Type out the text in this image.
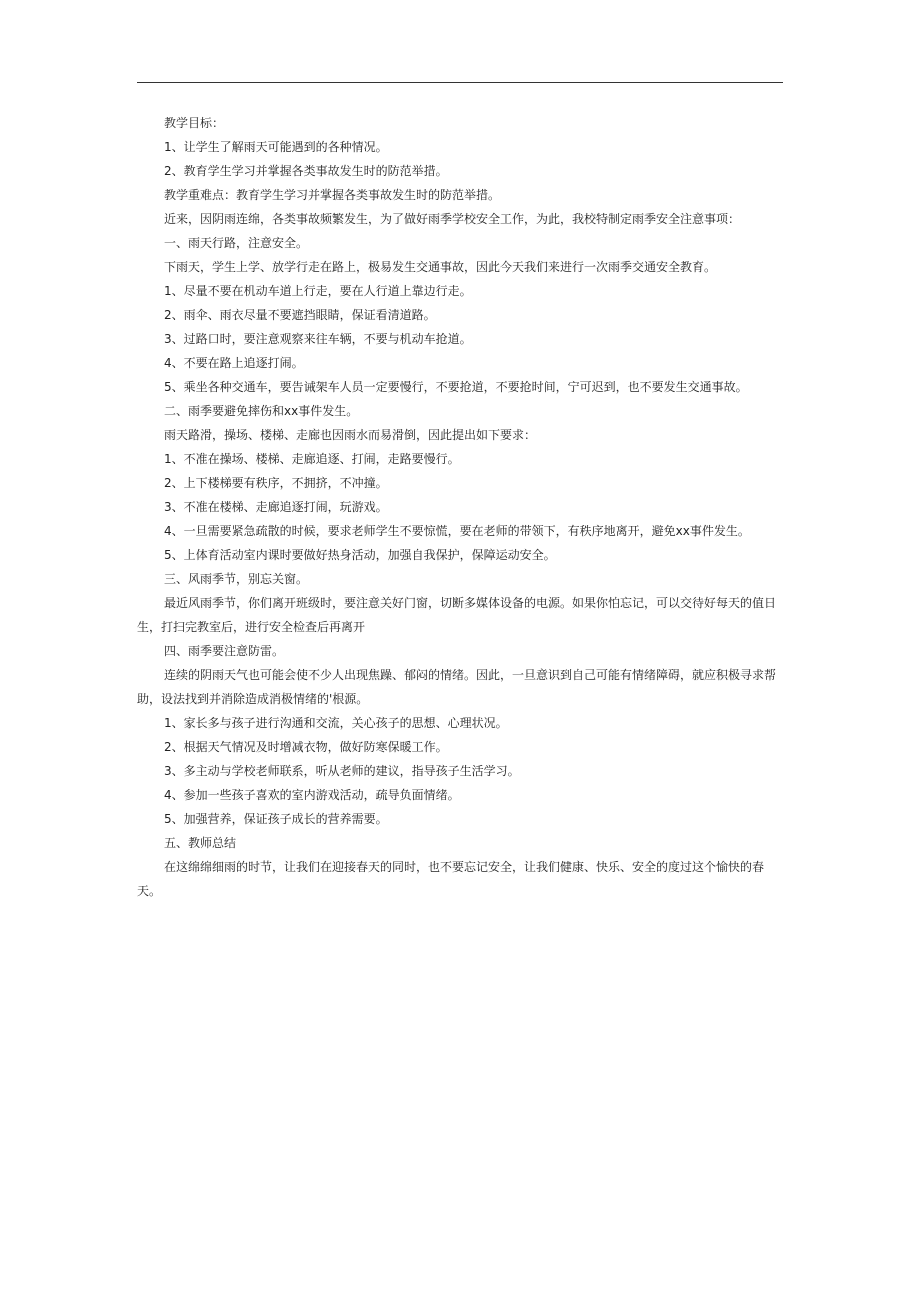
教学目标：

1、让学生了解雨天可能遇到的各种情况。

2、教育学生学习并掌握各类事故发生时的防范举措。

教学重难点：教育学生学习并掌握各类事故发生时的防范举措。

近来，因阴雨连绵，各类事故频繁发生，为了做好雨季学校安全工作，为此，我校特制定雨季安全注意事项：

一、雨天行路，注意安全。

下雨天，学生上学、放学行走在路上，极易发生交通事故，因此今天我们来进行一次雨季交通安全教育。

1、尽量不要在机动车道上行走，要在人行道上靠边行走。

2、雨伞、雨衣尽量不要遮挡眼睛，保证看清道路。

3、过路口时，要注意观察来往车辆，不要与机动车抢道。

4、不要在路上追逐打闹。

5、乘坐各种交通车，要告诫架车人员一定要慢行，不要抢道，不要抢时间，宁可迟到，也不要发生交通事故。

二、雨季要避免摔伤和xx事件发生。

雨天路滑，操场、楼梯、走廊也因雨水而易滑倒，因此提出如下要求：

1、不准在操场、楼梯、走廊追逐、打闹，走路要慢行。

2、上下楼梯要有秩序，不拥挤，不冲撞。

3、不准在楼梯、走廊追逐打闹，玩游戏。

4、一旦需要紧急疏散的时候，要求老师学生不要惊慌，要在老师的带领下，有秩序地离开，避免xx事件发生。

5、上体育活动室内课时要做好热身活动，加强自我保护，保障运动安全。

三、风雨季节，别忘关窗。

最近风雨季节，你们离开班级时，要注意关好门窗，切断多媒体设备的电源。如果你怕忘记，可以交待好每天的值日生，打扫完教室后，进行安全检查后再离开

四、雨季要注意防雷。

连续的阴雨天气也可能会使不少人出现焦躁、郁闷的情绪。因此，一旦意识到自己可能有情绪障碍，就应积极寻求帮助，设法找到并消除造成消极情绪的'根源。

1、家长多与孩子进行沟通和交流，关心孩子的思想、心理状况。

2、根据天气情况及时增减衣物，做好防寒保暖工作。

3、多主动与学校老师联系，听从老师的建议，指导孩子生活学习。

4、参加一些孩子喜欢的室内游戏活动，疏导负面情绪。

5、加强营养，保证孩子成长的营养需要。

五、教师总结

在这绵绵细雨的时节，让我们在迎接春天的同时，也不要忘记安全，让我们健康、快乐、安全的度过这个愉快的春天。
